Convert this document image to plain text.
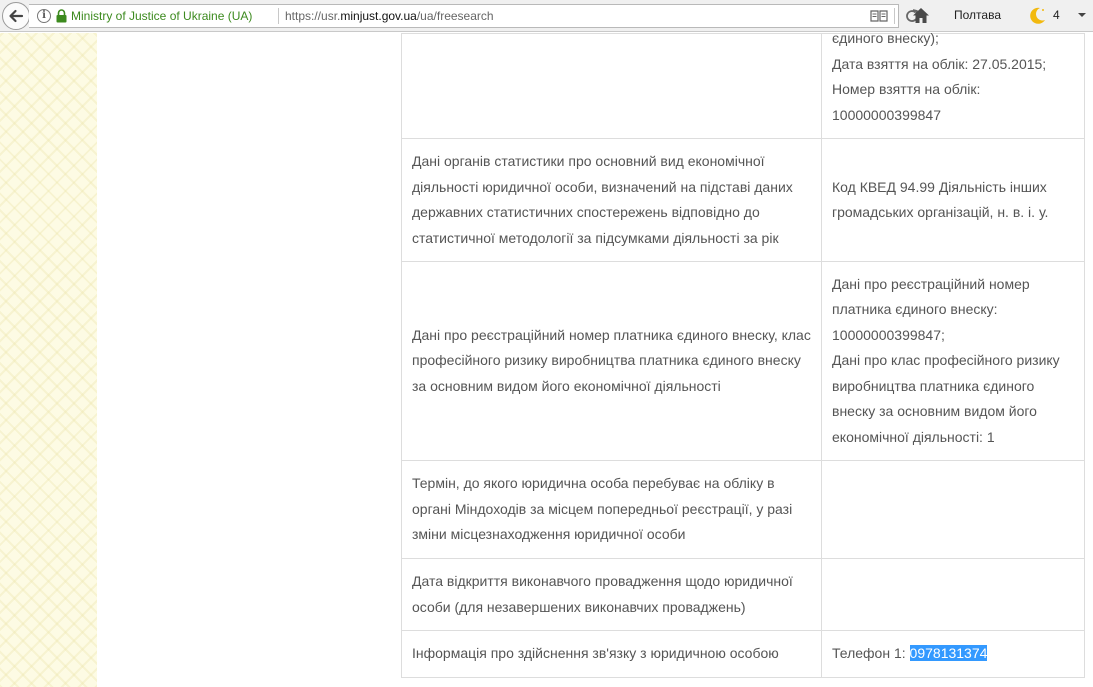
i	Ministry of Justice of Ukraine (UA)	https://usr.minjust.gov.ua/ua/freesearch	Полтава	4

	єдиного внеску);
Дата взяття на облік: 27.05.2015;
Номер взяття на облік:
10000000399847

Дані органів статистики про основний вид економічної діяльності юридичної особи, визначений на підставі даних державних статистичних спостережень відповідно до статистичної методології за підсумками діяльності за рік	Код КВЕД 94.99 Діяльність інших громадських організацій, н. в. і. у.
Дані про реєстраційний номер платника єдиного внеску, клас професійного ризику виробництва платника єдиного внеску за основним видом його економічної діяльності	Дані про реєстраційний номер платника єдиного внеску: 10000000399847;
Дані про клас професійного ризику виробництва платника єдиного внеску за основним видом його економічної діяльності: 1

Термін, до якого юридична особа перебуває на обліку в органі Міндоходів за місцем попередньої реєстрації, у разі зміни місцезнаходження юридичної особи	
Дата відкриття виконавчого провадження щодо юридичної особи (для незавершених виконавчих проваджень)	
Інформація про здійснення зв'язку з юридичною особою	Телефон 1: 0978131374
